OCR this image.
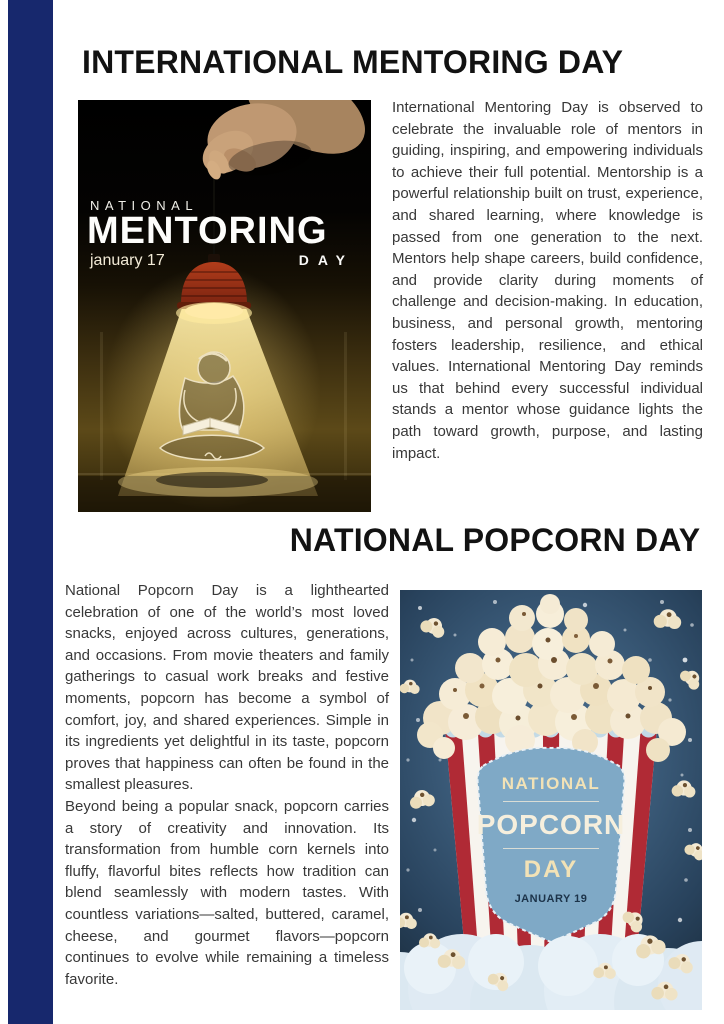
INTERNATIONAL MENTORING DAY
NATIONAL
MENTORING
january 17	DAY

International Mentoring Day is observed to celebrate the invaluable role of mentors in guiding, inspiring, and empowering individuals to achieve their full potential. Mentorship is a powerful relationship built on trust, experience, and shared learning, where knowledge is passed from one generation to the next. Mentors help shape careers, build confidence, and provide clarity during moments of challenge and decision-making. In education, business, and personal growth, mentoring fosters leadership, resilience, and ethical values. International Mentoring Day reminds us that behind every successful individual stands a mentor whose guidance lights the path toward growth, purpose, and lasting impact.

NATIONAL POPCORN DAY

National Popcorn Day is a lighthearted celebration of one of the world’s most loved snacks, enjoyed across cultures, generations, and occasions. From movie theaters and family gatherings to casual work breaks and festive moments, popcorn has become a symbol of comfort, joy, and shared experiences. Simple in its ingredients yet delightful in its taste, popcorn proves that happiness can often be found in the smallest pleasures.

Beyond being a popular snack, popcorn carries a story of creativity and innovation. Its transformation from humble corn kernels into fluffy, flavorful bites reflects how tradition can blend seamlessly with modern tastes. With countless variations—salted, buttered, caramel, cheese, and gourmet flavors—popcorn continues to evolve while remaining a timeless favorite.

NATIONAL
POPCORN
DAY
JANUARY 19
